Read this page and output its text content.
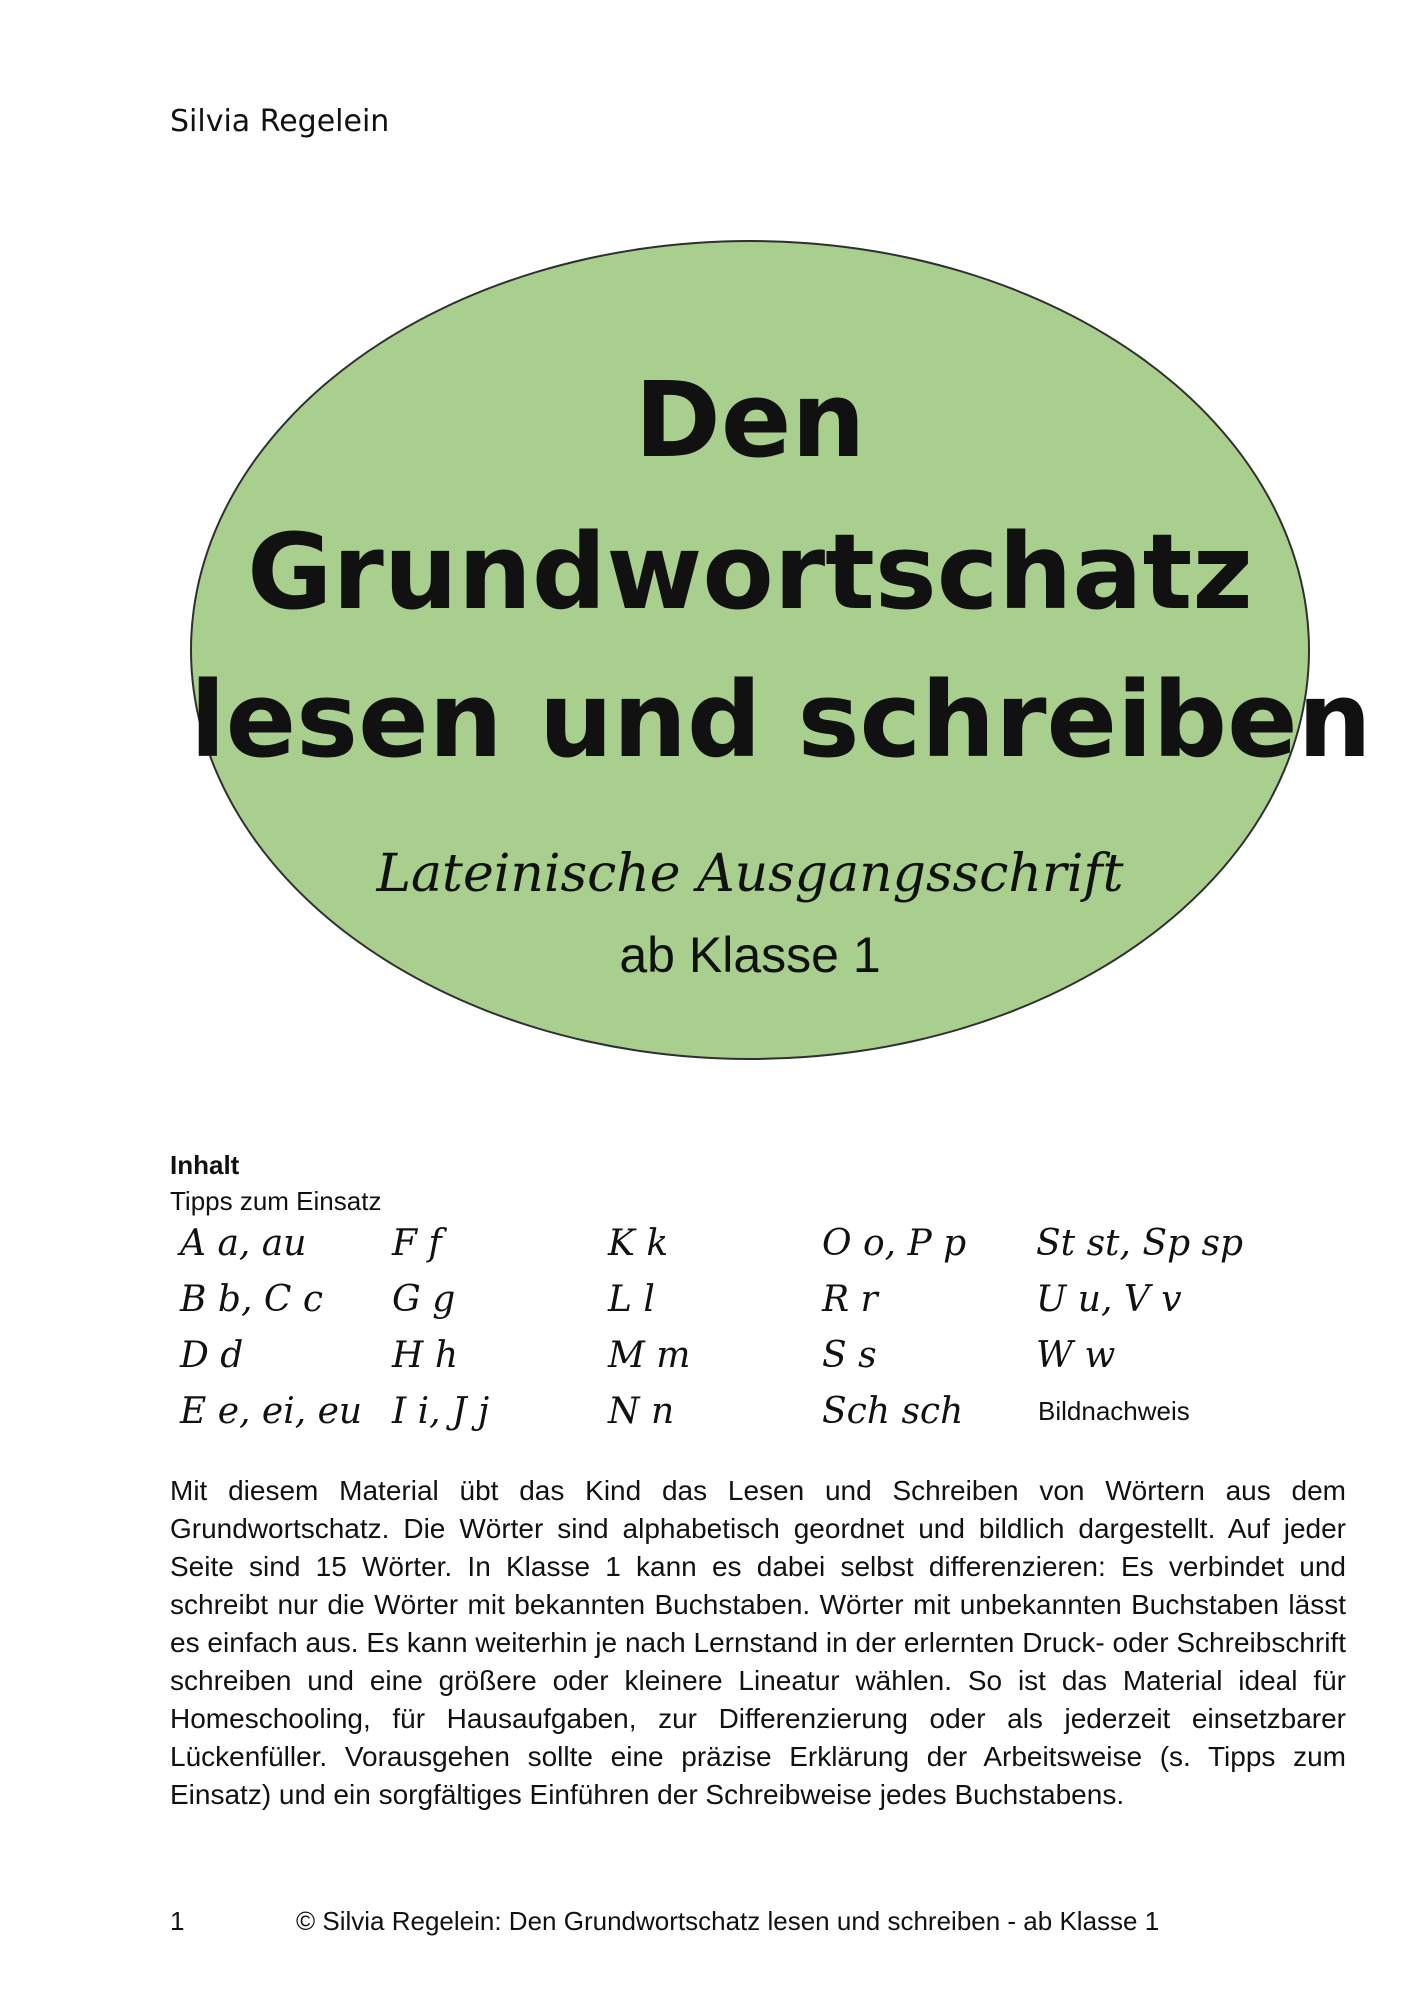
Silvia Regelein
Den
Grundwortschatz
lesen und schreiben
Lateinische Ausgangsschrift
ab Klasse 1
Inhalt
Tipps zum Einsatz
A a, au
B b, C c
D d
E e, ei, eu
F f
G g
H h
I i, J j
K k
L l
M m
N n
O o, P p
R r
S s
Sch sch
St st, Sp sp
U u, V v
W w
Bildnachweis

Mit diesem Material übt das Kind das Lesen und Schreiben von Wörtern aus dem Grundwortschatz. Die Wörter sind alphabetisch geordnet und bildlich dargestellt. Auf jeder Seite sind 15 Wörter. In Klasse 1 kann es dabei selbst differenzieren: Es verbindet und schreibt nur die Wörter mit bekannten Buchstaben. Wörter mit unbekannten Buchstaben lässt es einfach aus. Es kann weiterhin je nach Lernstand in der erlernten Druck- oder Schreibschrift schreiben und eine größere oder kleinere Lineatur wählen. So ist das Material ideal für Homeschooling, für Hausaufgaben, zur Differenzierung oder als jederzeit einsetzbarer Lückenfüller. Vorausgehen sollte eine präzise Erklärung der Arbeitsweise (s. Tipps zum Einsatz) und ein sorgfältiges Einführen der Schreibweise jedes Buchstabens.

1	© Silvia Regelein: Den Grundwortschatz lesen und schreiben - ab Klasse 1
